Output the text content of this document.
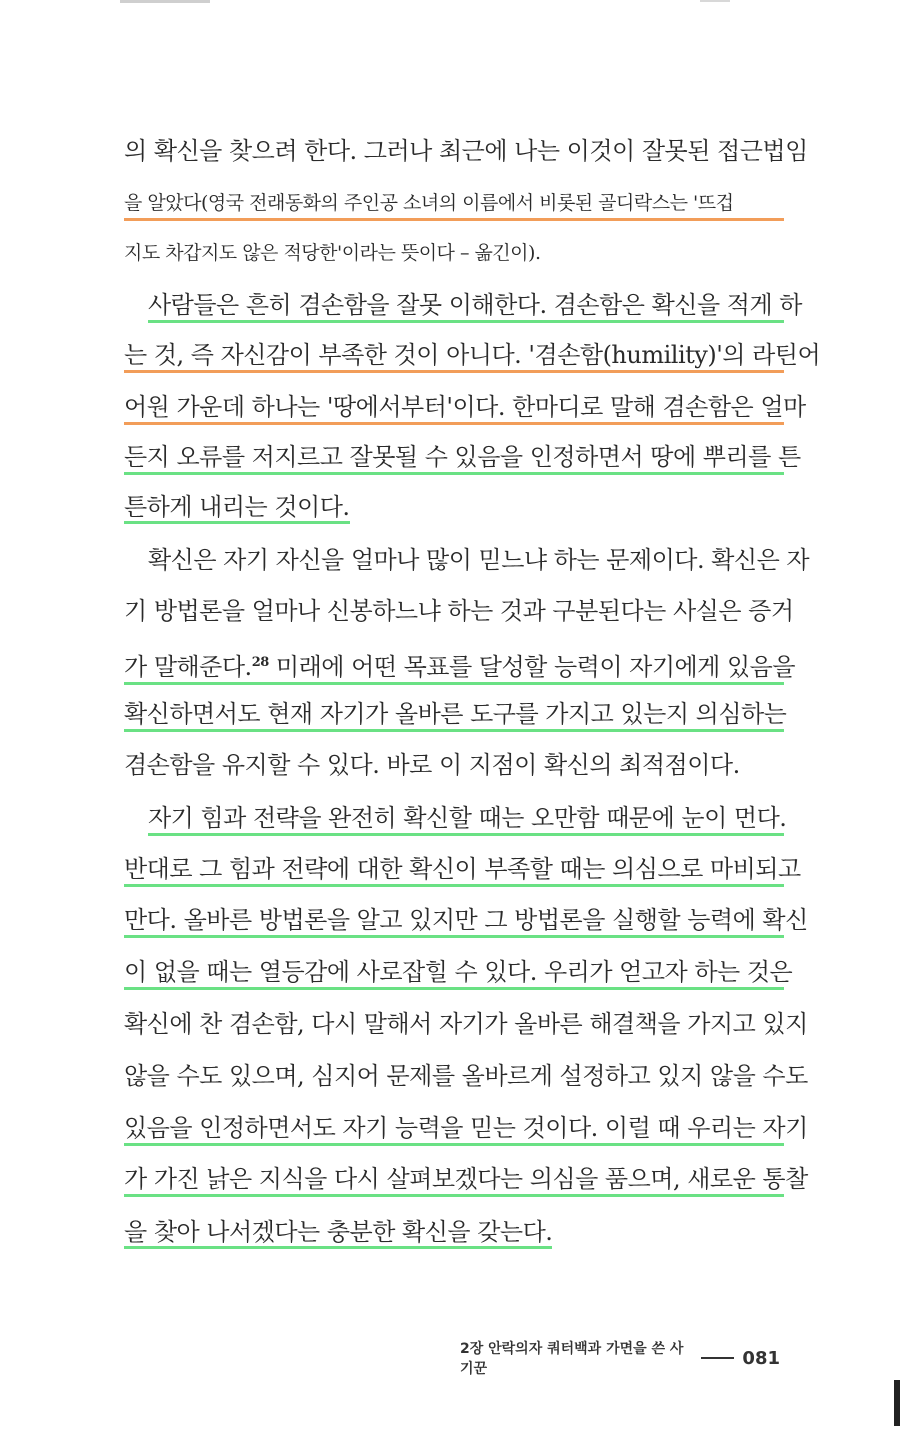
의 확신을 찾으려 한다. 그러나 최근에 나는 이것이 잘못된 접근법임
을 알았다(영국 전래동화의 주인공 소녀의 이름에서 비롯된 골디락스는 '뜨겁
지도 차갑지도 않은 적당한'이라는 뜻이다 – 옮긴이).
사람들은 흔히 겸손함을 잘못 이해한다. 겸손함은 확신을 적게 하
는 것, 즉 자신감이 부족한 것이 아니다. '겸손함(humility)'의 라틴어
어원 가운데 하나는 '땅에서부터'이다. 한마디로 말해 겸손함은 얼마
든지 오류를 저지르고 잘못될 수 있음을 인정하면서 땅에 뿌리를 튼
튼하게 내리는 것이다.
확신은 자기 자신을 얼마나 많이 믿느냐 하는 문제이다. 확신은 자
기 방법론을 얼마나 신봉하느냐 하는 것과 구분된다는 사실은 증거
가 말해준다.$^{28}$ 미래에 어떤 목표를 달성할 능력이 자기에게 있음을
확신하면서도 현재 자기가 올바른 도구를 가지고 있는지 의심하는
겸손함을 유지할 수 있다. 바로 이 지점이 확신의 최적점이다.
자기 힘과 전략을 완전히 확신할 때는 오만함 때문에 눈이 먼다.
반대로 그 힘과 전략에 대한 확신이 부족할 때는 의심으로 마비되고
만다. 올바른 방법론을 알고 있지만 그 방법론을 실행할 능력에 확신
이 없을 때는 열등감에 사로잡힐 수 있다. 우리가 얻고자 하는 것은
확신에 찬 겸손함, 다시 말해서 자기가 올바른 해결책을 가지고 있지
않을 수도 있으며, 심지어 문제를 올바르게 설정하고 있지 않을 수도
있음을 인정하면서도 자기 능력을 믿는 것이다. 이럴 때 우리는 자기
가 가진 낡은 지식을 다시 살펴보겠다는 의심을 품으며, 새로운 통찰
을 찾아 나서겠다는 충분한 확신을 갖는다.
2장 안락의자 쿼터백과 가면을 쓴 사기꾼
081
